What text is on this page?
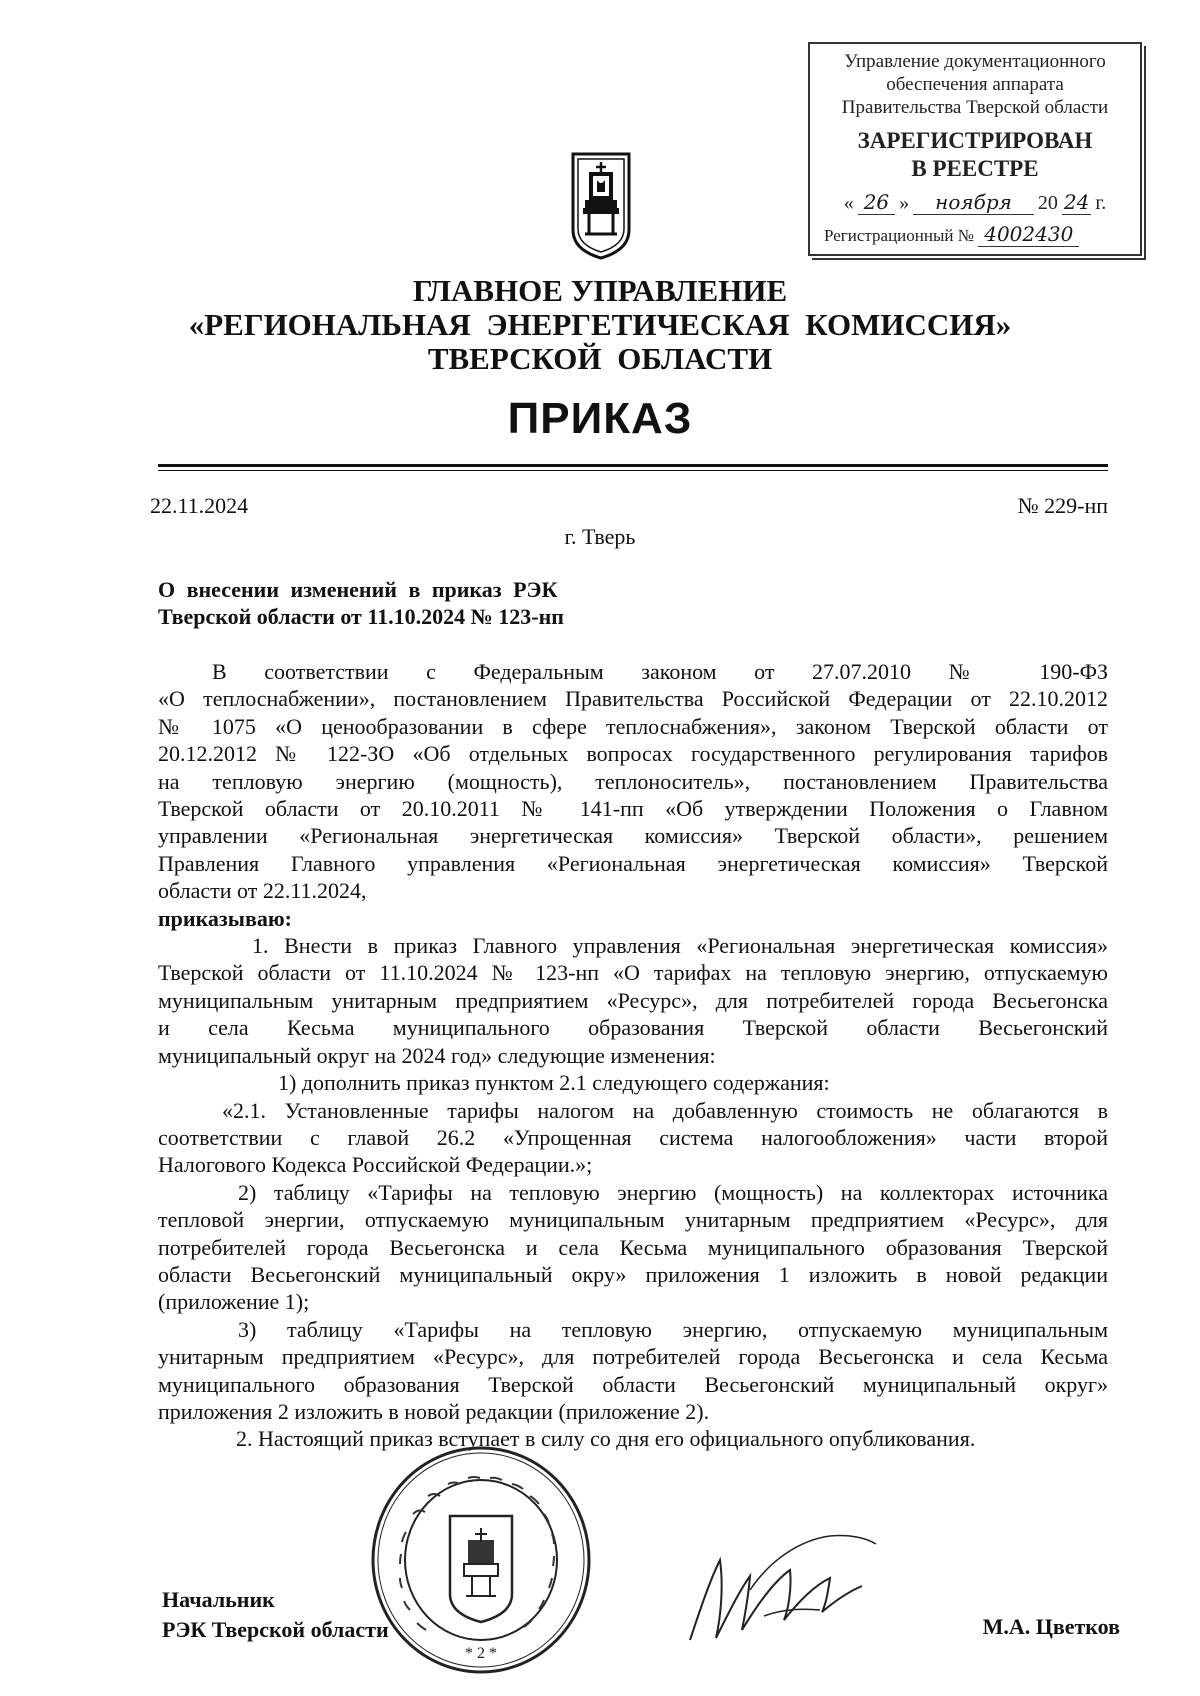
Управление документационного
обеспечения аппарата
Правительства Тверской области
ЗАРЕГИСТРИРОВАН
В РЕЕСТРЕ
« 26 »	ноября	20 24 г.
Регистрационный № 4002430
ГЛАВНОЕ УПРАВЛЕНИЕ
«РЕГИОНАЛЬНАЯ ЭНЕРГЕТИЧЕСКАЯ КОМИССИЯ»
ТВЕРСКОЙ ОБЛАСТИ
ПРИКАЗ
22.11.2024	№ 229-нп
г. Тверь
О внесении изменений в приказ РЭК
Тверской области от 11.10.2024 № 123-нп
В соответствии с Федеральным законом от 27.07.2010 № 190-ФЗ
«О теплоснабжении», постановлением Правительства Российской Федерации от 22.10.2012
№ 1075 «О ценообразовании в сфере теплоснабжения», законом Тверской области от
20.12.2012 № 122-ЗО «Об отдельных вопросах государственного регулирования тарифов
на тепловую энергию (мощность), теплоноситель», постановлением Правительства
Тверской области от 20.10.2011 № 141-пп «Об утверждении Положения о Главном
управлении «Региональная энергетическая комиссия» Тверской области», решением
Правления Главного управления «Региональная энергетическая комиссия» Тверской
области от 22.11.2024,
приказываю:
1. Внести в приказ Главного управления «Региональная энергетическая комиссия»
Тверской области от 11.10.2024 № 123-нп «О тарифах на тепловую энергию, отпускаемую
муниципальным унитарным предприятием «Ресурс», для потребителей города Весьегонска
и села Кесьма муниципального образования Тверской области Весьегонский
муниципальный округ на 2024 год» следующие изменения:
1) дополнить приказ пунктом 2.1 следующего содержания:
«2.1. Установленные тарифы налогом на добавленную стоимость не облагаются в
соответствии с главой 26.2 «Упрощенная система налогообложения» части второй
Налогового Кодекса Российской Федерации.»;
2) таблицу «Тарифы на тепловую энергию (мощность) на коллекторах источника
тепловой энергии, отпускаемую муниципальным унитарным предприятием «Ресурс», для
потребителей города Весьегонска и села Кесьма муниципального образования Тверской
области Весьегонский муниципальный окру» приложения 1 изложить в новой редакции
(приложение 1);
3) таблицу «Тарифы на тепловую энергию, отпускаемую муниципальным
унитарным предприятием «Ресурс», для потребителей города Весьегонска и села Кесьма
муниципального образования Тверской области Весьегонский муниципальный округ»
приложения 2 изложить в новой редакции (приложение 2).
2. Настоящий приказ вступает в силу со дня его официального опубликования.
* 2 *
Начальник
РЭК Тверской области	М.А. Цветков
